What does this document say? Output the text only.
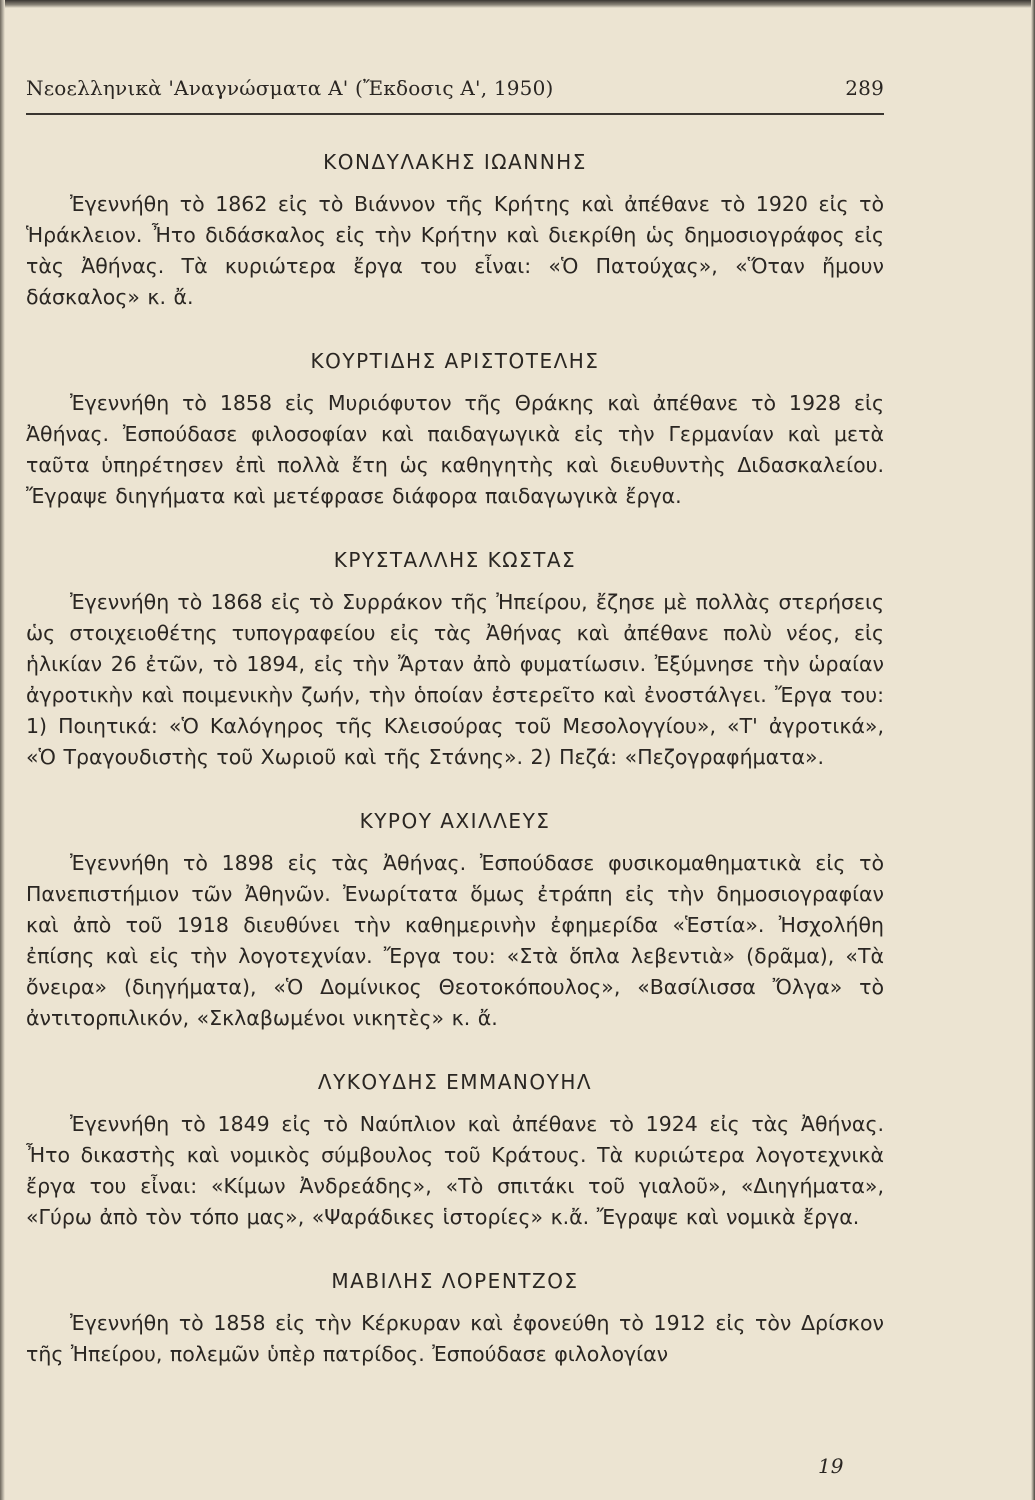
Νεοελληνικὰ 'Αναγνώσματα Α' (Ἔκδοσις Α', 1950)	289
ΚΟΝΔΥΛΑΚΗΣ ΙΩΑΝΝΗΣ

Ἐγεννήθη τὸ 1862 εἰς τὸ Βιάννον τῆς Κρήτης καὶ ἀπέθανε τὸ 1920 εἰς τὸ Ἡράκλειον. Ἦτο διδάσκαλος εἰς τὴν Κρήτην καὶ διεκρίθη ὡς δημοσιογράφος εἰς τὰς Ἀθήνας. Τὰ κυριώτερα ἔργα του εἶναι: «Ὁ Πατούχας», «Ὅταν ἤμουν δάσκαλος» κ. ἄ.

ΚΟΥΡΤΙΔΗΣ ΑΡΙΣΤΟΤΕΛΗΣ

Ἐγεννήθη τὸ 1858 εἰς Μυριόφυτον τῆς Θράκης καὶ ἀπέθανε τὸ 1928 εἰς Ἀθήνας. Ἐσπούδασε φιλοσοφίαν καὶ παιδαγωγικὰ εἰς τὴν Γερμανίαν καὶ μετὰ ταῦτα ὑπηρέτησεν ἐπὶ πολλὰ ἔτη ὡς καθηγητὴς καὶ διευθυντὴς Διδασκαλείου. Ἔγραψε διηγήματα καὶ μετέφρασε διάφορα παιδαγωγικὰ ἔργα.

ΚΡΥΣΤΑΛΛΗΣ ΚΩΣΤΑΣ

Ἐγεννήθη τὸ 1868 εἰς τὸ Συρράκον τῆς Ἠπείρου, ἔζησε μὲ πολλὰς στερήσεις ὡς στοιχειοθέτης τυπογραφείου εἰς τὰς Ἀθήνας καὶ ἀπέθανε πολὺ νέος, εἰς ἡλικίαν 26 ἐτῶν, τὸ 1894, εἰς τὴν Ἄρταν ἀπὸ φυματίωσιν. Ἐξύμνησε τὴν ὡραίαν ἀγροτικὴν καὶ ποιμενικὴν ζωήν, τὴν ὁποίαν ἐστερεῖτο καὶ ἐνοστάλγει. Ἔργα του: 1) Ποιητικά: «Ὁ Καλόγηρος τῆς Κλεισούρας τοῦ Μεσολογγίου», «Τ' ἀγροτικά», «Ὁ Τραγουδιστὴς τοῦ Χωριοῦ καὶ τῆς Στάνης». 2) Πεζά: «Πεζογραφήματα».

ΚΥΡΟΥ ΑΧΙΛΛΕΥΣ

Ἐγεννήθη τὸ 1898 εἰς τὰς Ἀθήνας. Ἐσπούδασε φυσικομαθηματικὰ εἰς τὸ Πανεπιστήμιον τῶν Ἀθηνῶν. Ἐνωρίτατα ὅμως ἐτράπη εἰς τὴν δημοσιογραφίαν καὶ ἀπὸ τοῦ 1918 διευθύνει τὴν καθημερινὴν ἐφημερίδα «Ἑστία». Ἠσχολήθη ἐπίσης καὶ εἰς τὴν λογοτεχνίαν. Ἔργα του: «Στὰ ὅπλα λεβεντιὰ» (δρᾶμα), «Τὰ ὄνειρα» (διηγήματα), «Ὁ Δομίνικος Θεοτοκόπουλος», «Βασίλισσα Ὄλγα» τὸ ἀντιτορπιλικόν, «Σκλαβωμένοι νικητὲς» κ. ἄ.

ΛΥΚΟΥΔΗΣ ΕΜΜΑΝΟΥΗΛ

Ἐγεννήθη τὸ 1849 εἰς τὸ Ναύπλιον καὶ ἀπέθανε τὸ 1924 εἰς τὰς Ἀθήνας. Ἦτο δικαστὴς καὶ νομικὸς σύμβουλος τοῦ Κράτους. Τὰ κυριώτερα λογοτεχνικὰ ἔργα του εἶναι: «Κίμων Ἀνδρεάδης», «Τὸ σπιτάκι τοῦ γιαλοῦ», «Διηγήματα», «Γύρω ἀπὸ τὸν τόπο μας», «Ψαράδικες ἱστορίες» κ.ἄ. Ἔγραψε καὶ νομικὰ ἔργα.

ΜΑΒΙΛΗΣ ΛΟΡΕΝΤΖΟΣ

Ἐγεννήθη τὸ 1858 εἰς τὴν Κέρκυραν καὶ ἐφονεύθη τὸ 1912 εἰς τὸν Δρίσκον τῆς Ἠπείρου, πολεμῶν ὑπὲρ πατρίδος. Ἐσπούδασε φιλολογίαν

19
